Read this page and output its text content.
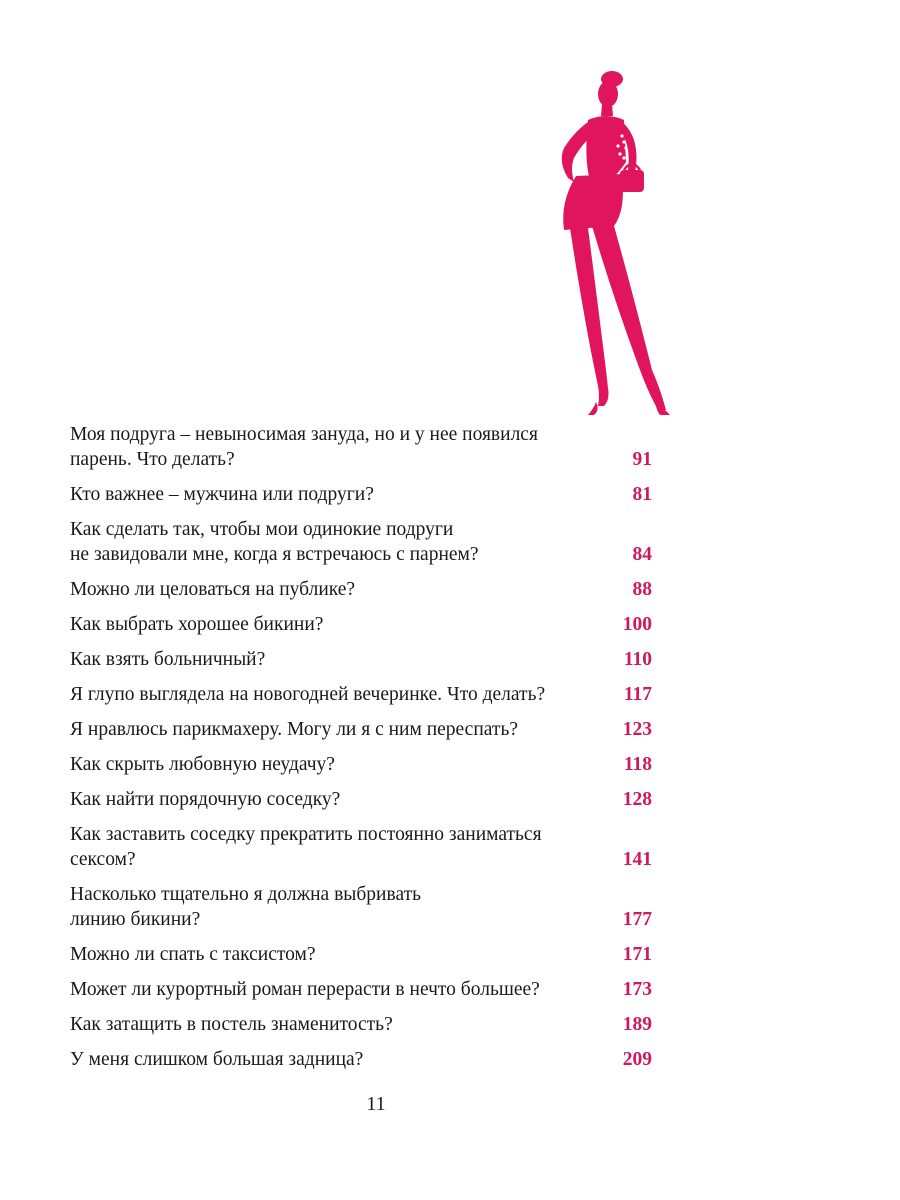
Моя подруга – невыносимая зануда, но и у нее появился
парень. Что делать?	91
Кто важнее – мужчина или подруги?	81
Как сделать так, чтобы мои одинокие подруги
не завидовали мне, когда я встречаюсь с парнем?	84
Можно ли целоваться на публике?	88
Как выбрать хорошее бикини?	100
Как взять больничный?	110
Я глупо выглядела на новогодней вечеринке. Что делать?	117
Я нравлюсь парикмахеру. Могу ли я с ним переспать?	123
Как скрыть любовную неудачу?	118
Как найти порядочную соседку?	128
Как заставить соседку прекратить постоянно заниматься
сексом?	141
Насколько тщательно я должна выбривать
линию бикини?	177
Можно ли спать с таксистом?	171
Может ли курортный роман перерасти в нечто большее?	173
Как затащить в постель знаменитость?	189
У меня слишком большая задница?	209
11
